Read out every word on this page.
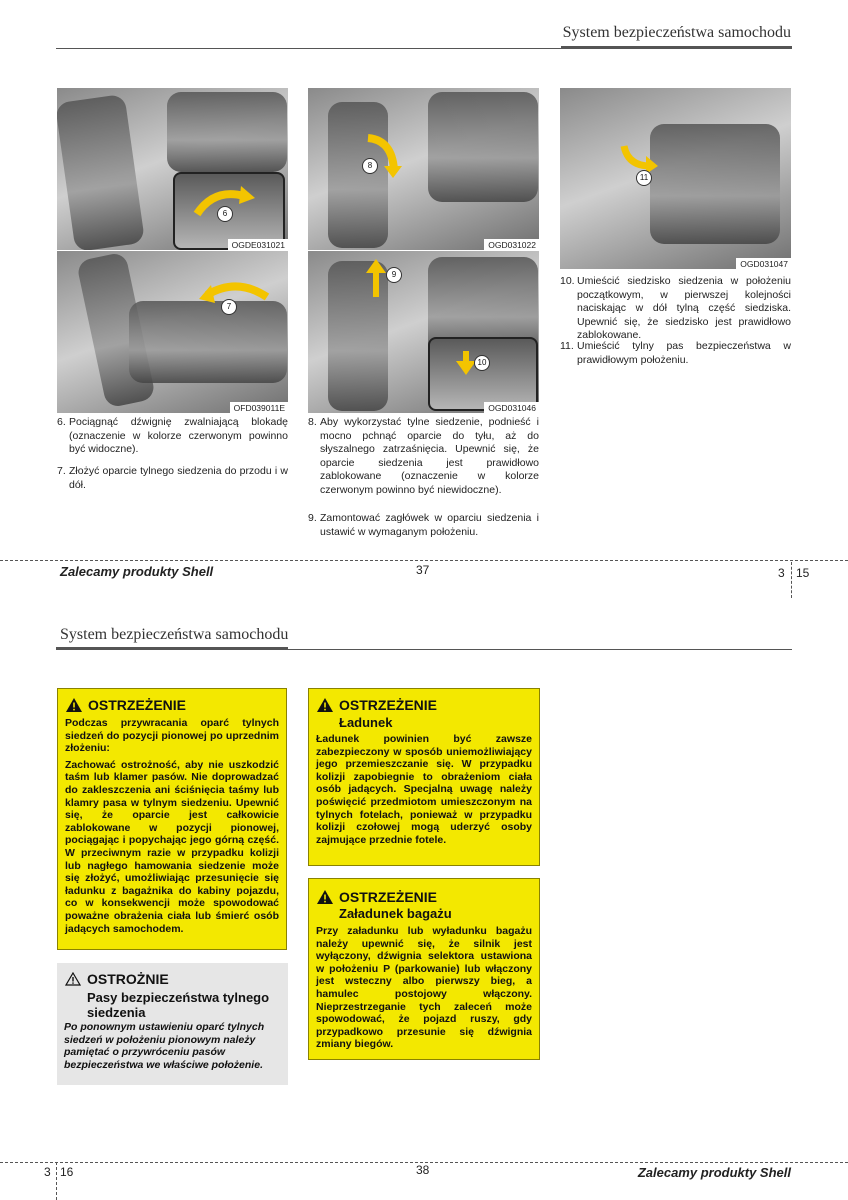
System bezpieczeństwa samochodu
6
OGDE031021
8
OGD031022
11
OGD031047
7
OFD039011E
9
10
OGD031046
6. Pociągnąć dźwignię zwalniającą blokadę (oznaczenie w kolorze czerwonym powinno być widoczne).
7. Złożyć oparcie tylnego siedzenia do przodu i w dół.
8. Aby wykorzystać tylne siedzenie, podnieść i mocno pchnąć oparcie do tyłu, aż do słyszalnego zatrzaśnięcia. Upewnić się, że oparcie siedzenia jest prawidłowo zablokowane (oznaczenie w kolorze czerwonym powinno być niewidoczne).
9. Zamontować zagłówek w oparciu siedzenia i ustawić w wymaganym położeniu.
10. Umieścić siedzisko siedzenia w położeniu początkowym, w pierwszej kolejności naciskając w dół tylną część siedziska. Upewnić się, że siedzisko jest prawidłowo zablokowane.
11. Umieścić tylny pas bezpieczeństwa w prawidłowym położeniu.
Zalecamy produkty Shell	37	3 15
System bezpieczeństwa samochodu
OSTRZEŻENIE
Podczas przywracania oparć tylnych siedzeń do pozycji pionowej po uprzednim złożeniu:
Zachować ostrożność, aby nie uszkodzić taśm lub klamer pasów. Nie doprowadzać do zakleszczenia ani ściśnięcia taśmy lub klamry pasa w tylnym siedzeniu. Upewnić się, że oparcie jest całkowicie zablokowane w pozycji pionowej, pociągając i popychając jego górną część. W przeciwnym razie w przypadku kolizji lub nagłego hamowania siedzenie może się złożyć, umożliwiając przesunięcie się ładunku z bagażnika do kabiny pojazdu, co w konsekwencji może spowodować poważne obrażenia ciała lub śmierć osób jadących samochodem.
OSTROŻNIE
Pasy bezpieczeństwa tylnego siedzenia
Po ponownym ustawieniu oparć tylnych siedzeń w położeniu pionowym należy pamiętać o przywróceniu pasów bezpieczeństwa we właściwe położenie.
OSTRZEŻENIE
Ładunek
Ładunek powinien być zawsze zabezpieczony w sposób uniemożliwiający jego przemieszczanie się. W przypadku kolizji zapobiegnie to obrażeniom ciała osób jadących. Specjalną uwagę należy poświęcić przedmiotom umieszczonym na tylnych fotelach, ponieważ w przypadku kolizji czołowej mogą uderzyć osoby zajmujące przednie fotele.
OSTRZEŻENIE
Załadunek bagażu
Przy załadunku lub wyładunku bagażu należy upewnić się, że silnik jest wyłączony, dźwignia selektora ustawiona w położeniu P (parkowanie) lub włączony jest wsteczny albo pierwszy bieg, a hamulec postojowy włączony. Nieprzestrzeganie tych zaleceń może spowodować, że pojazd ruszy, gdy przypadkowo przesunie się dźwignia zmiany biegów.
3 16	38	Zalecamy produkty Shell
